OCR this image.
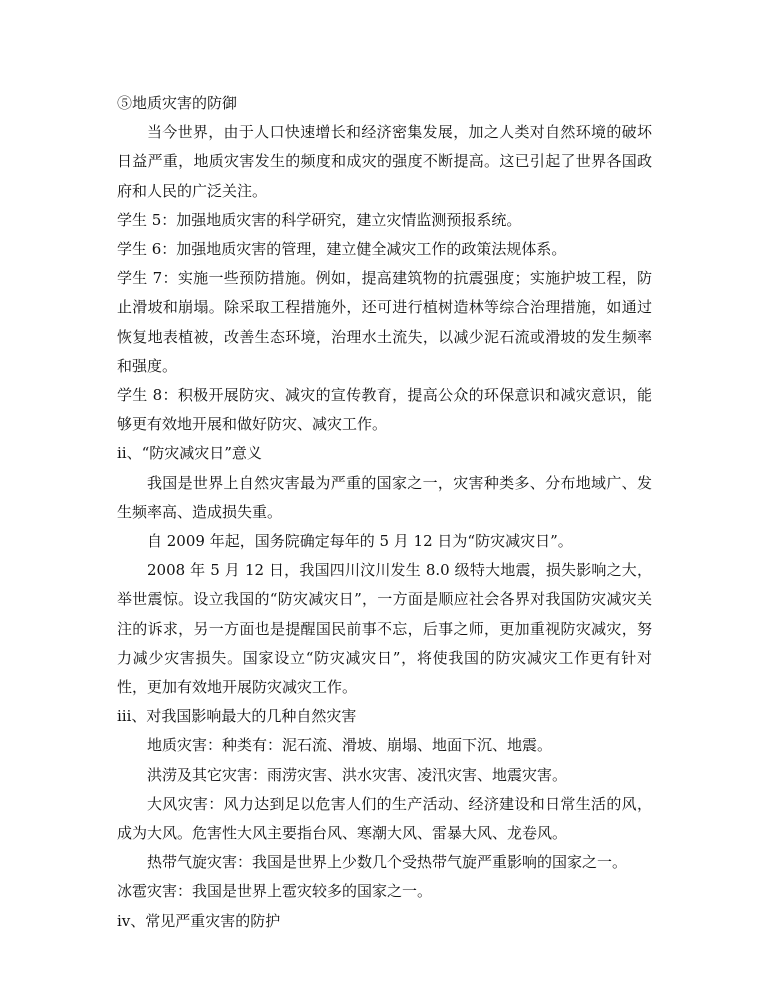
⑤地质灾害的防御

当今世界，由于人口快速增长和经济密集发展，加之人类对自然环境的破坏日益严重，地质灾害发生的频度和成灾的强度不断提高。这已引起了世界各国政府和人民的广泛关注。

学生 5：加强地质灾害的科学研究，建立灾情监测预报系统。

学生 6：加强地质灾害的管理，建立健全减灾工作的政策法规体系。

学生 7：实施一些预防措施。例如，提高建筑物的抗震强度；实施护坡工程，防止滑坡和崩塌。除采取工程措施外，还可进行植树造林等综合治理措施，如通过恢复地表植被，改善生态环境，治理水土流失，以减少泥石流或滑坡的发生频率和强度。

学生 8：积极开展防灾、减灾的宣传教育，提高公众的环保意识和减灾意识，能够更有效地开展和做好防灾、减灾工作。

ⅱ、“防灾减灾日”意义

我国是世界上自然灾害最为严重的国家之一，灾害种类多、分布地域广、发生频率高、造成损失重。

自 2009 年起，国务院确定每年的 5 月 12 日为“防灾减灾日”。

2008 年 5 月 12 日，我国四川汶川发生 8.0 级特大地震，损失影响之大，举世震惊。设立我国的“防灾减灾日”，一方面是顺应社会各界对我国防灾减灾关注的诉求，另一方面也是提醒国民前事不忘，后事之师，更加重视防灾减灾，努力减少灾害损失。国家设立“防灾减灾日”，将使我国的防灾减灾工作更有针对性，更加有效地开展防灾减灾工作。

ⅲ、对我国影响最大的几种自然灾害

地质灾害：种类有：泥石流、滑坡、崩塌、地面下沉、地震。

洪涝及其它灾害：雨涝灾害、洪水灾害、凌汛灾害、地震灾害。

大风灾害：风力达到足以危害人们的生产活动、经济建设和日常生活的风，成为大风。危害性大风主要指台风、寒潮大风、雷暴大风、龙卷风。

热带气旋灾害：我国是世界上少数几个受热带气旋严重影响的国家之一。

冰雹灾害：我国是世界上雹灾较多的国家之一。

ⅳ、常见严重灾害的防护
